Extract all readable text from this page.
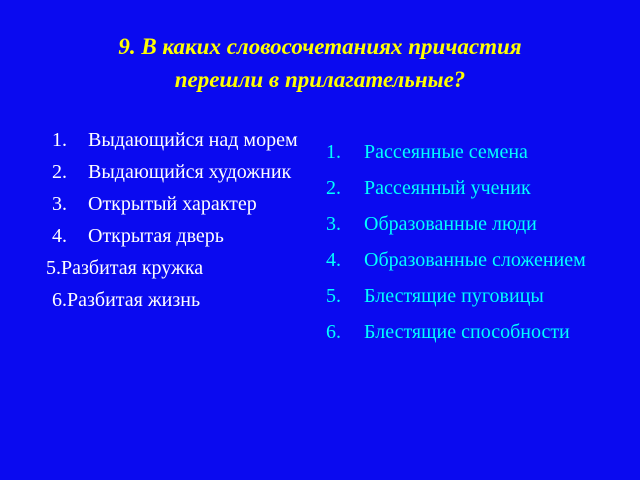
9. В каких словосочетаниях причастия
перешли в прилагательные?
1. Выдающийся над морем
2. Выдающийся художник
3. Открытый характер
4. Открытая дверь
5.Разбитая кружка
6.Разбитая жизнь
1. Рассеянные семена
2. Рассеянный ученик
3. Образованные люди
4. Образованные сложением
5. Блестящие пуговицы
6. Блестящие способности
